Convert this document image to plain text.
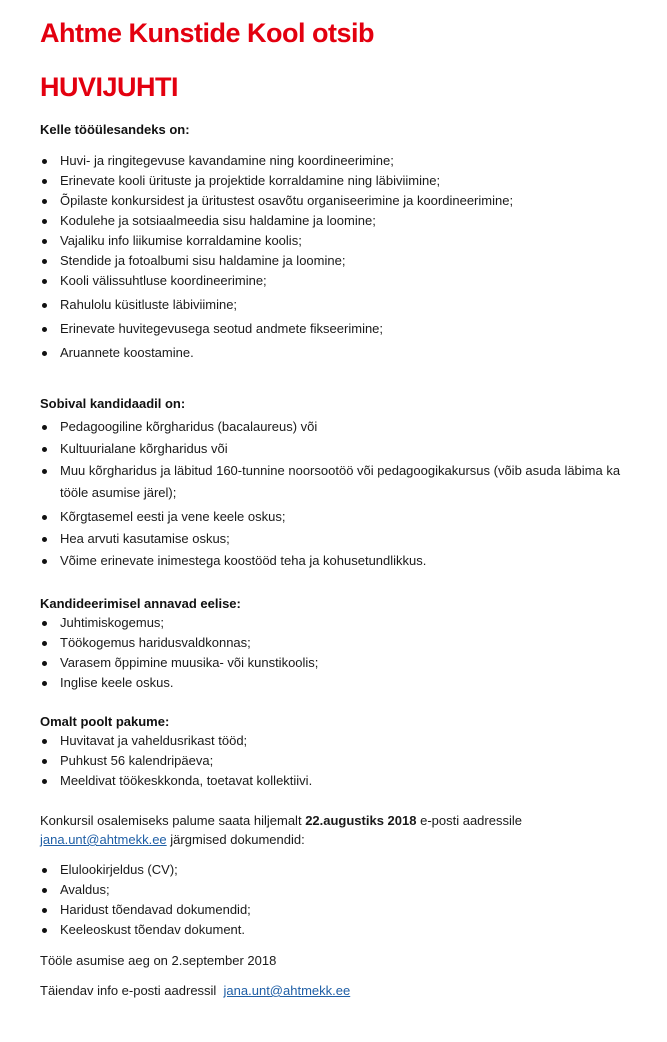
Ahtme Kunstide Kool otsib
HUVIJUHTI
Kelle tööülesandeks on:
Huvi- ja ringitegevuse kavandamine ning koordineerimine;
Erinevate kooli ürituste ja projektide korraldamine ning läbiviimine;
Õpilaste konkursidest ja üritustest osavõtu organiseerimine ja koordineerimine;
Kodulehe ja sotsiaalmeedia sisu haldamine ja loomine;
Vajaliku info liikumise korraldamine koolis;
Stendide ja fotoalbumi sisu haldamine ja loomine;
Kooli välissuhtluse koordineerimine;
Rahulolu küsitluste läbiviimine;
Erinevate huvitegevusega seotud andmete fikseerimine;
Aruannete koostamine.
Sobival kandidaadil on:
Pedagoogiline kõrgharidus (bacalaureus) või
Kultuurialane kõrgharidus või
Muu kõrgharidus ja läbitud 160-tunnine noorsootöö või pedagoogikakursus (võib asuda läbima ka
tööle asumise järel);
Kõrgtasemel eesti ja vene keele oskus;
Hea arvuti kasutamise oskus;
Võime erinevate inimestega koostööd teha ja kohusetundlikkus.
Kandideerimisel annavad eelise:
Juhtimiskogemus;
Töökogemus haridusvaldkonnas;
Varasem õppimine muusika- või kunstikoolis;
Inglise keele oskus.
Omalt poolt pakume:
Huvitavat ja vaheldusrikast tööd;
Puhkust 56 kalendripäeva;
Meeldivat töökeskkonda, toetavat kollektiivi.
Konkursil osalemiseks palume saata hiljemalt 22.augustiks 2018 e-posti aadressile
jana.unt@ahtmekk.ee järgmised dokumendid:
Elulookirjeldus (CV);
Avaldus;
Haridust tõendavad dokumendid;
Keeleoskust tõendav dokument.
Tööle asumise aeg on 2.september 2018
Täiendav info e-posti aadressil  jana.unt@ahtmekk.ee
